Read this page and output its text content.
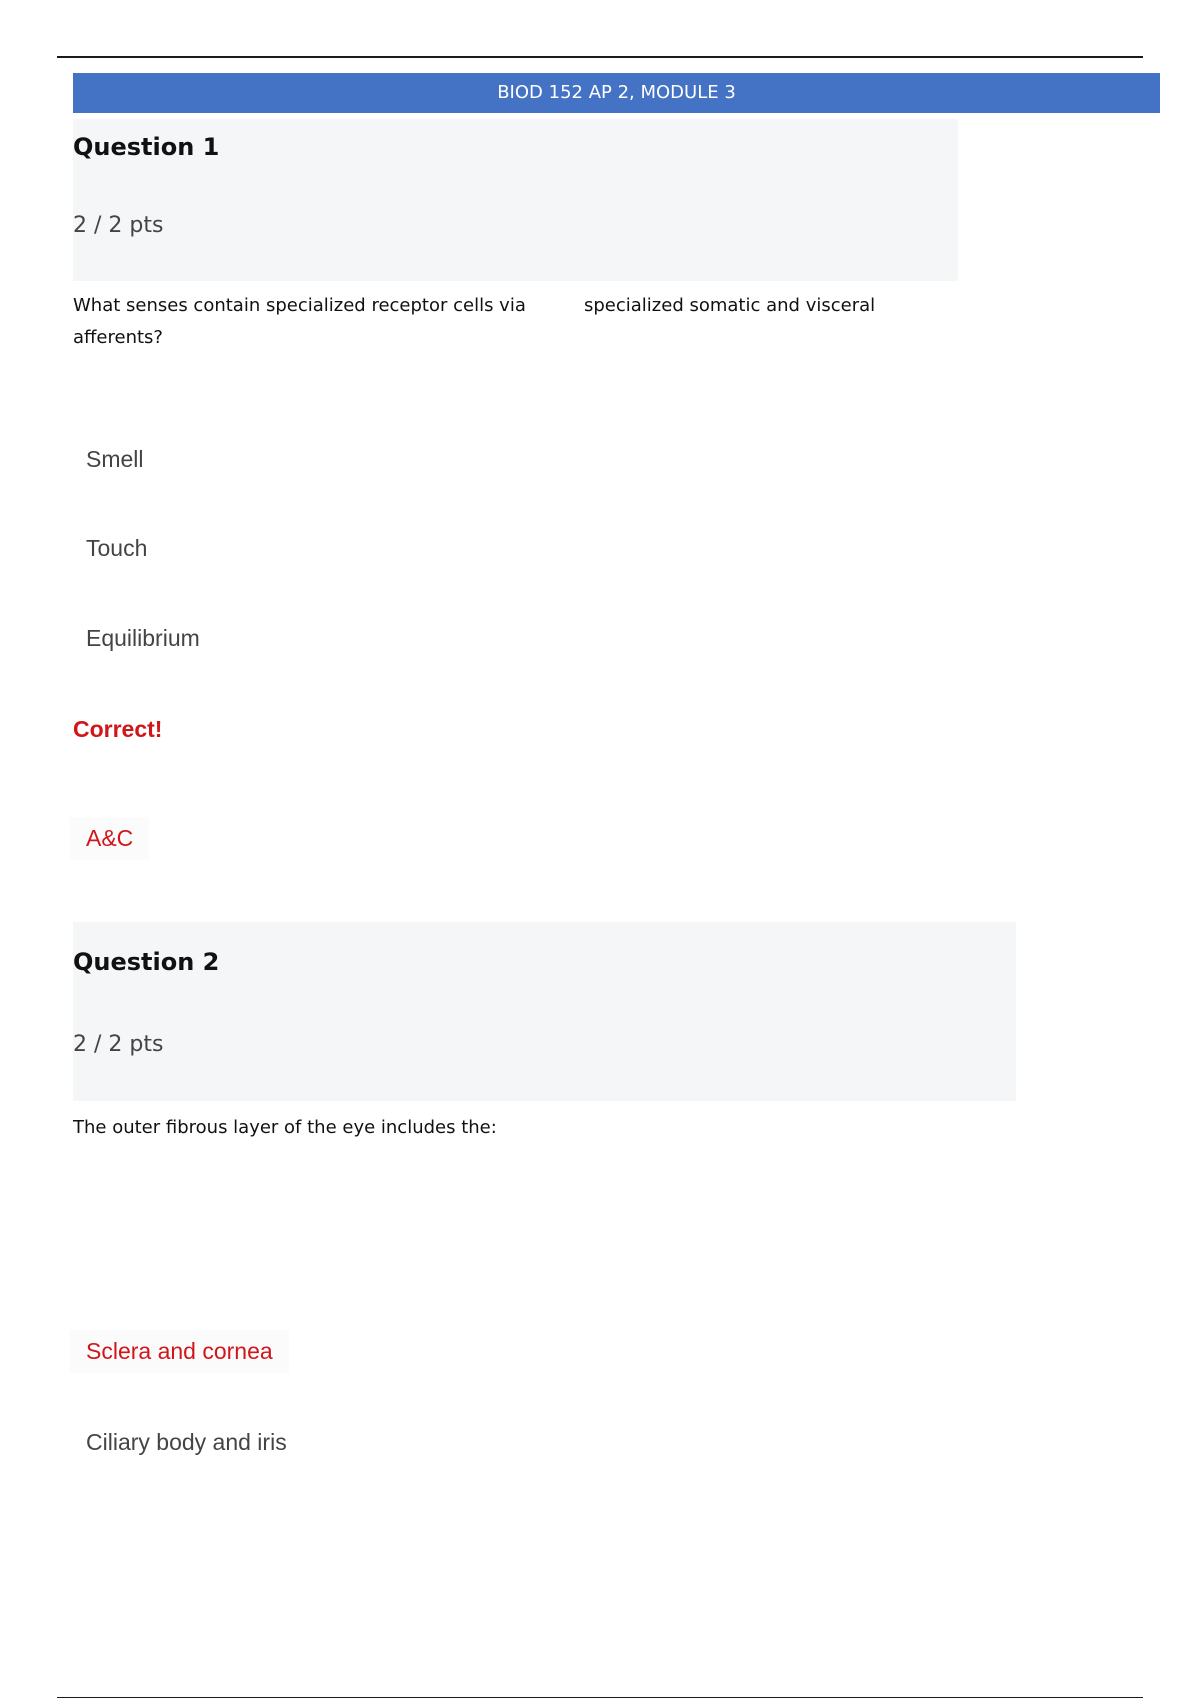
BIOD 152 AP 2, MODULE 3
Question 1
2 / 2 pts
What senses contain specialized receptor cells via afferents?
specialized somatic and visceral
Smell
Touch
Equilibrium
Correct!
A&C
Question 2
2 / 2 pts
The outer fibrous layer of the eye includes the:
Sclera and cornea
Ciliary body and iris
